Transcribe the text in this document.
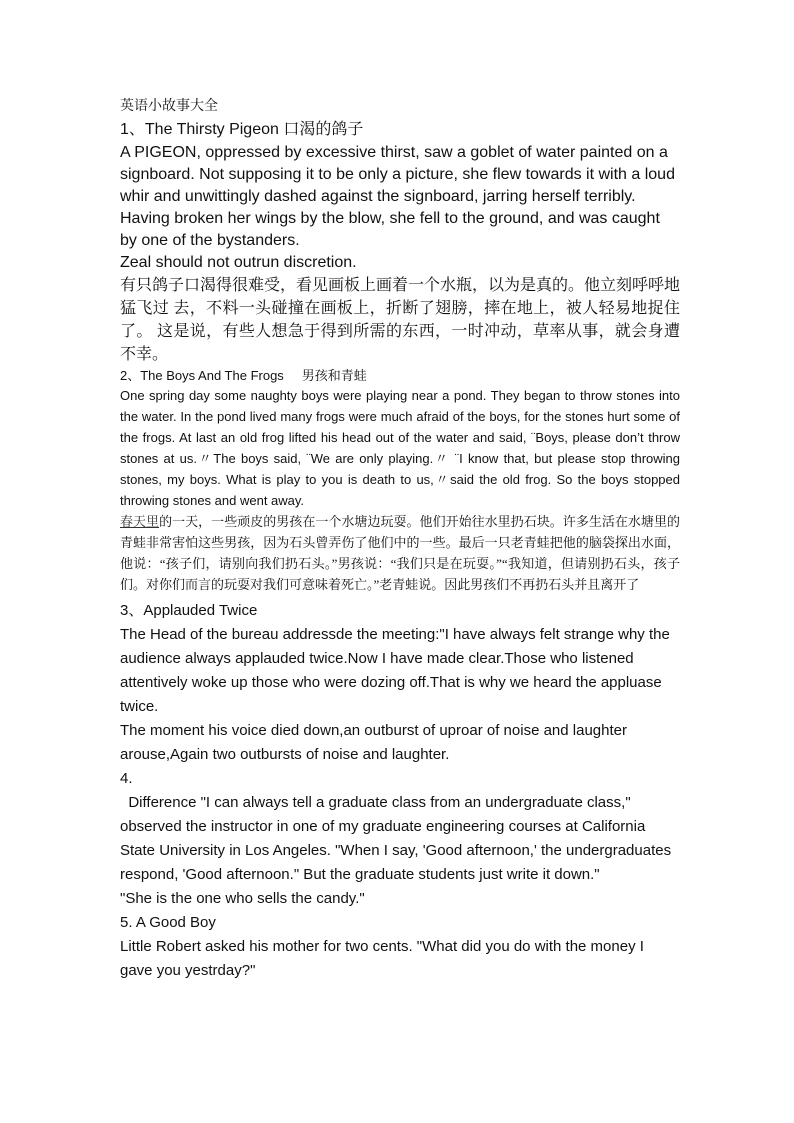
英语小故事大全

1、The Thirsty Pigeon 口渴的鸽子

A PIGEON, oppressed by excessive thirst, saw a goblet of water painted on a signboard. Not supposing it to be only a picture, she flew towards it with a loud whir and unwittingly dashed against the signboard, jarring herself terribly. Having broken her wings by the blow, she fell to the ground, and was caught by one of the bystanders.

Zeal should not outrun discretion.

有只鸽子口渴得很难受，看见画板上画着一个水瓶，以为是真的。他立刻呼呼地猛飞过 去，不料一头碰撞在画板上，折断了翅膀，摔在地上，被人轻易地捉住了。 这是说，有些人想急于得到所需的东西，一时冲动，草率从事，就会身遭不幸。

2、The Boys And The Frogs 男孩和青蛙

One spring day some naughty boys were playing near a pond. They began to throw stones into the water. In the pond lived many frogs were much afraid of the boys, for the stones hurt some of the frogs. At last an old frog lifted his head out of the water and said, ¨Boys, please don’t throw stones at us.〃The boys said, ¨We are only playing.〃 ¨I know that, but please stop throwing stones, my boys. What is play to you is death to us,〃said the old frog. So the boys stopped throwing stones and went away.

春天里的一天，一些顽皮的男孩在一个水塘边玩耍。他们开始往水里扔石块。许多生活在水塘里的青蛙非常害怕这些男孩，因为石头曾弄伤了他们中的一些。最后一只老青蛙把他的脑袋探出水面，他说：“孩子们，请别向我们扔石头。”男孩说：“我们只是在玩耍。”“我知道，但请别扔石头，孩子们。对你们而言的玩耍对我们可意味着死亡。”老青蛙说。因此男孩们不再扔石头并且离开了

3、Applauded Twice

The Head of the bureau addressde the meeting:"I have always felt strange why the audience always applauded twice.Now I have made clear.Those who listened attentively woke up those who were dozing off.That is why we heard the appluase twice.

The moment his voice died down,an outburst of uproar of noise and laughter arouse,Again two outbursts of noise and laughter.

4.

Difference "I can always tell a graduate class from an undergraduate class," observed the instructor in one of my graduate engineering courses at California State University in Los Angeles. "When I say, 'Good afternoon,' the undergraduates respond, 'Good afternoon." But the graduate students just write it down."

"She is the one who sells the candy."

5. A Good Boy

Little Robert asked his mother for two cents. "What did you do with the money I gave you yestrday?"
